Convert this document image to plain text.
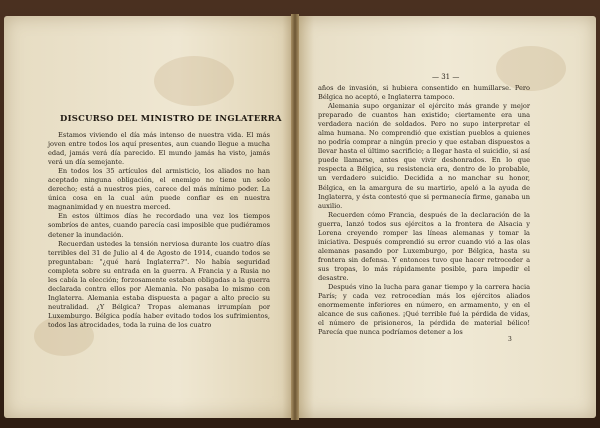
DISCURSO DEL MINISTRO DE INGLATERRA

Estamos viviendo el día más intenso de nuestra vida. El más joven entre todos los aquí presentes, aun cuando llegue a mucha edad, jamás verá día parecido. El mundo jamás ha visto, jamás verá un día semejante.

En todos los 35 artículos del armisticio, los aliados no han aceptado ninguna obligación, el enemigo no tiene un solo derecho; está a nuestros pies, carece del más mínimo poder. La única cosa en la cual aún puede confiar es en nuestra magnanimidad y en nuestra merced.

En estos últimos días he recordado una vez los tiempos sombríos de antes, cuando parecía casi imposible que pudiéramos detener la inundación.

Recuerdan ustedes la tensión nerviosa durante los cuatro días terribles del 31 de Julio al 4 de Agosto de 1914, cuando todos se preguntaban: "¿qué hará Inglaterra?". No había seguridad completa sobre su entrada en la guerra. A Francia y a Rusia no les cabía la elección; forzosamente estaban obligadas a la guerra declarada contra ellos por Alemania. No pasaba lo mismo con Inglaterra. Alemania estaba dispuesta a pagar a alto precio su neutralidad. ¿Y Bélgica? Tropas alemanas irrumpían por Luxemburgo. Bélgica podía haber evitado todos los sufrimientos, todos las atrocidades, toda la ruina de los cuatro

— 31 —

años de invasión, si hubiera consentido en humillarse. Pero Bélgica no aceptó, e Inglaterra tampoco.

Alemania supo organizar el ejército más grande y mejor preparado de cuantos han existido; ciertamente era una verdadera nación de soldados. Pero no supo interpretar el alma humana. No comprendió que existían pueblos a quienes no podría comprar a ningún precio y que estaban dispuestos a llevar hasta el último sacrificio; a llegar hasta el suicidio, si así puede llamarse, antes que vivir deshonrados. En lo que respecta a Bélgica, su resistencia era, dentro de lo probable, un verdadero suicidio. Decidida a no manchar su honor, Bélgica, en la amargura de su martirio, apeló a la ayuda de Inglaterra, y ésta contestó que si permanecía firme, ganaba un auxilio.

Recuerden cómo Francia, después de la declaración de la guerra, lanzó todos sus ejércitos a la frontera de Alsacia y Lorena creyendo romper las líneas alemanas y tomar la iniciativa. Después comprendió su error cuando vió a las olas alemanas pasando por Luxemburgo, por Bélgica, hasta su frontera sin defensa. Y entonces tuvo que hacer retroceder a sus tropas, lo más rápidamente posible, para impedir el desastre.

Después vino la lucha para ganar tiempo y la carrera hacia París; y cada vez retrocedían más los ejércitos aliados enormemente inferiores en número, en armamento, y en el alcance de sus cañones. ¡Qué terrible fué la pérdida de vidas, el número de prisioneros, la pérdida de material bélico! Parecía que nunca podríamos detener a los

3
